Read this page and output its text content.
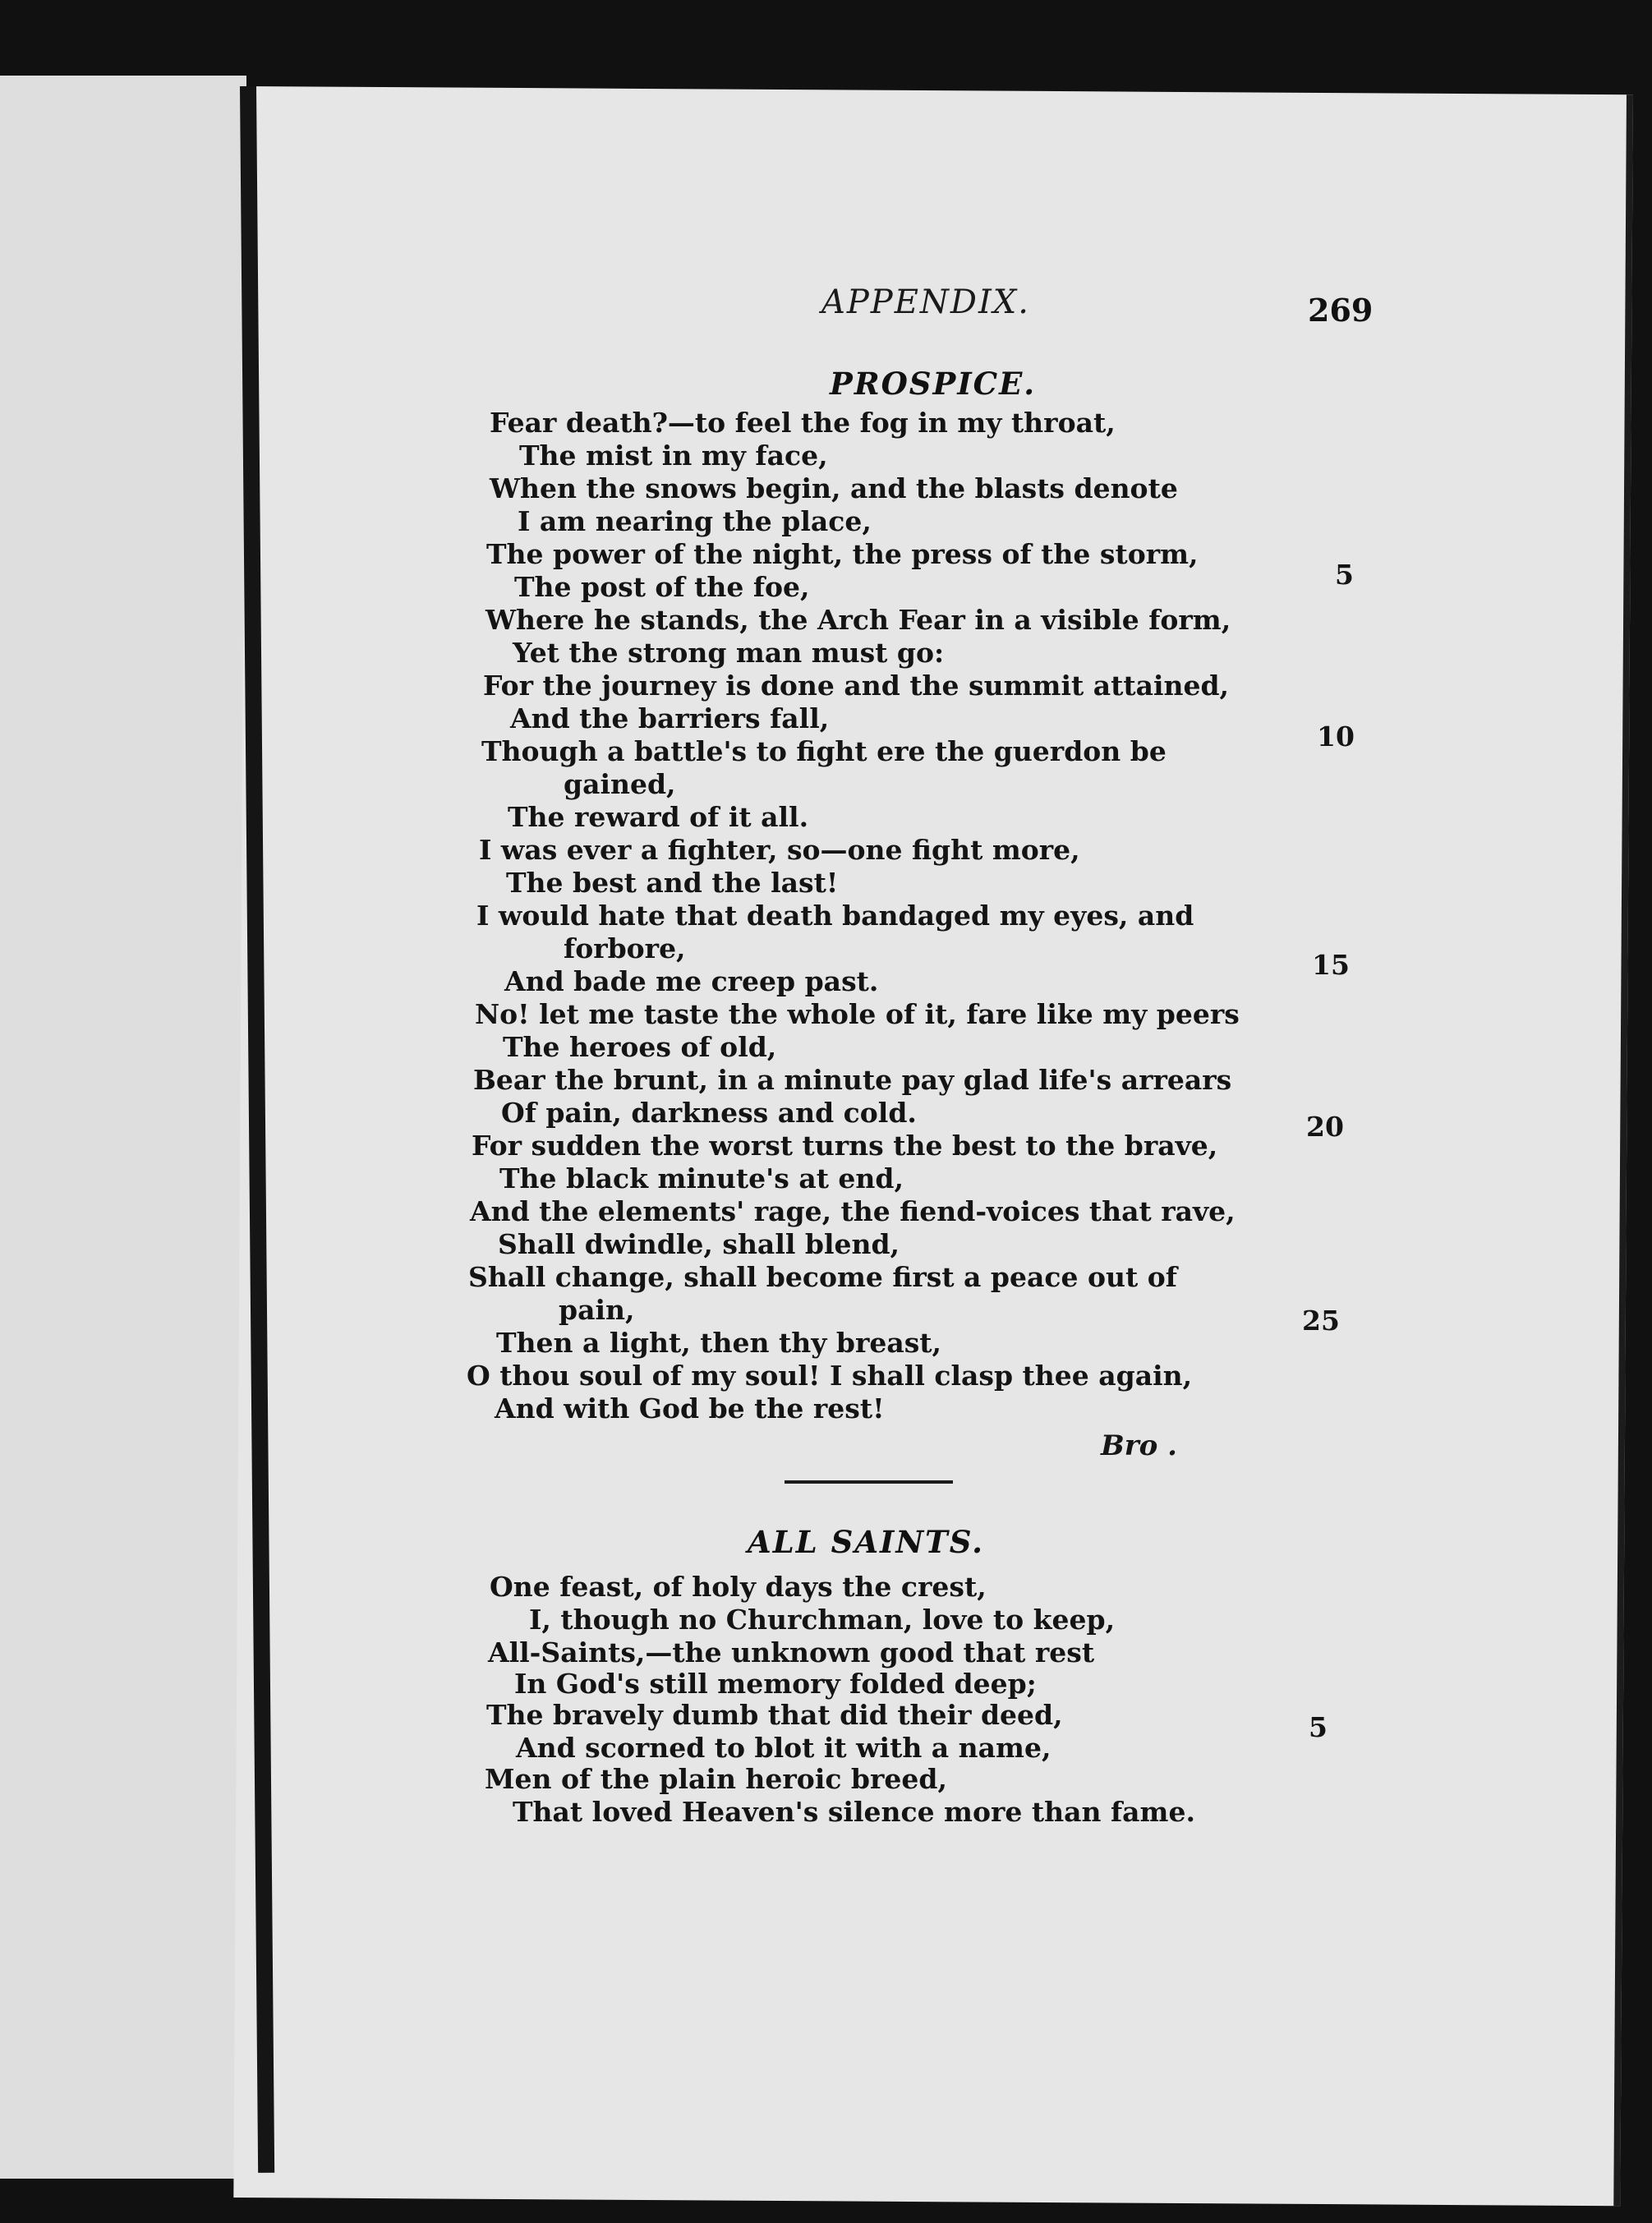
APPENDIX.	269
PROSPICE.
Fear death?—to feel the fog in my throat,
The mist in my face,
When the snows begin, and the blasts denote
I am nearing the place,
The power of the night, the press of the storm,
The post of the foe,
Where he stands, the Arch Fear in a visible form,
Yet the strong man must go:
For the journey is done and the summit attained,
And the barriers fall,
Though a battle's to fight ere the guerdon be
gained,
The reward of it all.
I was ever a fighter, so—one fight more,
The best and the last!
I would hate that death bandaged my eyes, and
forbore,
And bade me creep past.
No! let me taste the whole of it, fare like my peers
The heroes of old,
Bear the brunt, in a minute pay glad life's arrears
Of pain, darkness and cold.
For sudden the worst turns the best to the brave,
The black minute's at end,
And the elements' rage, the fiend-voices that rave,
Shall dwindle, shall blend,
Shall change, shall become first a peace out of
pain,
Then a light, then thy breast,
O thou soul of my soul! I shall clasp thee again,
And with God be the rest!
5
10
15
20
25
Bro .
ALL SAINTS.
One feast, of holy days the crest,
I, though no Churchman, love to keep,
All-Saints,—the unknown good that rest
In God's still memory folded deep;
The bravely dumb that did their deed,
And scorned to blot it with a name,
Men of the plain heroic breed,
That loved Heaven's silence more than fame.
5
